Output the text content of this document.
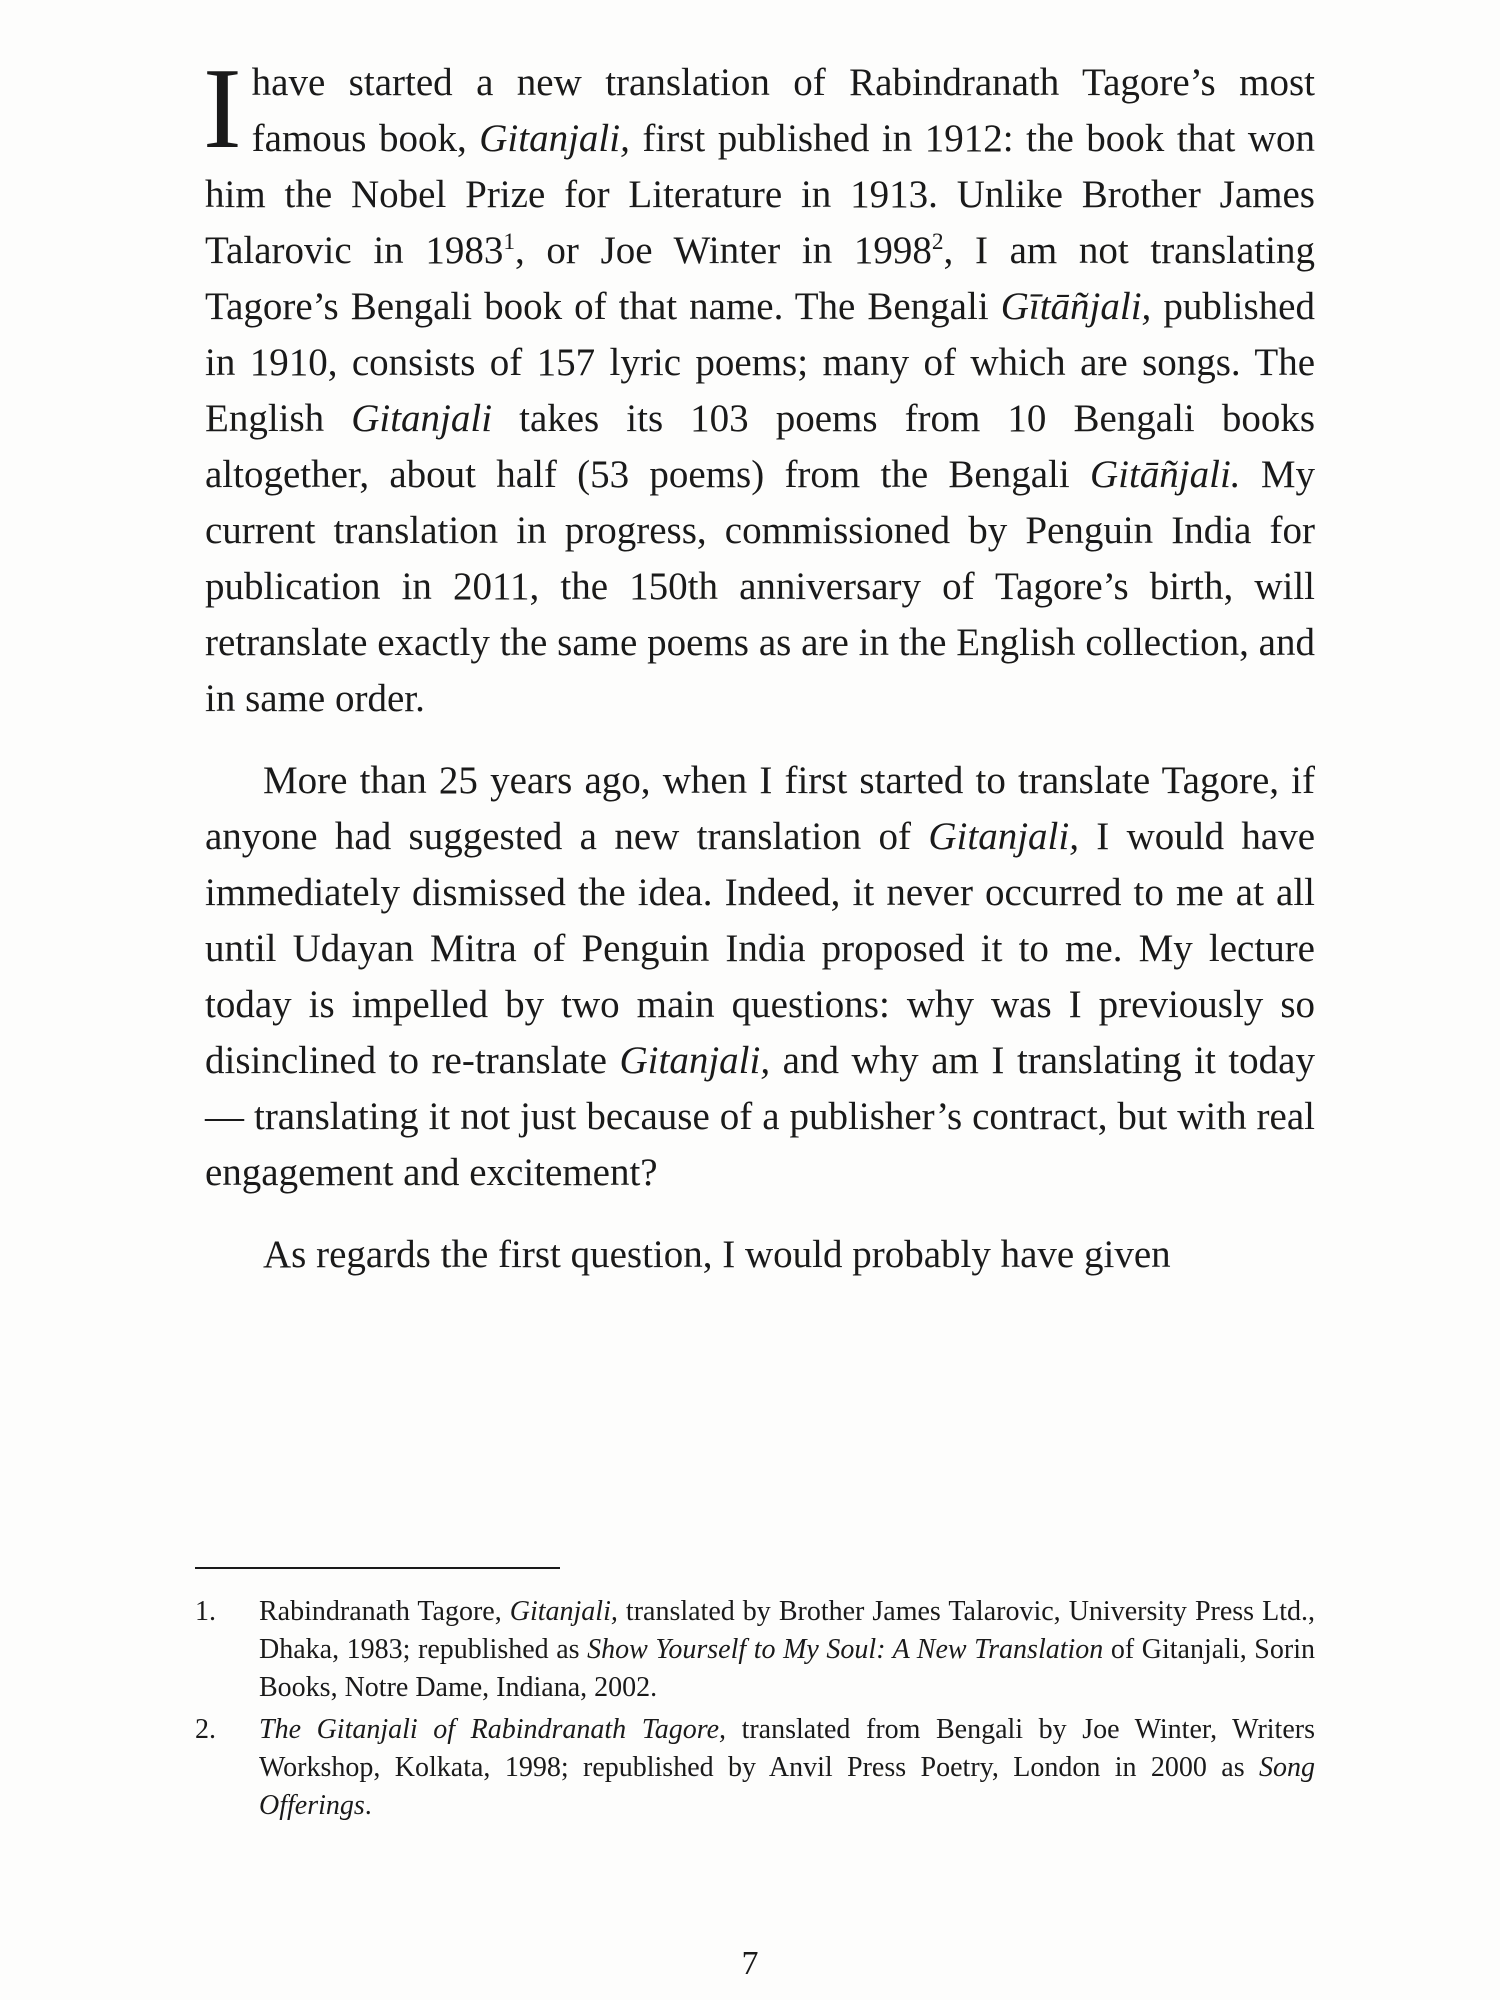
I have started a new translation of Rabindranath Tagore’s most famous book, Gitanjali, first published in 1912: the book that won him the Nobel Prize for Literature in 1913. Unlike Brother James Talarovic in 1983$^1$, or Joe Winter in 1998$^2$, I am not translating Tagore’s Bengali book of that name. The Bengali Gītāñjali, published in 1910, consists of 157 lyric poems; many of which are songs. The English Gitanjali takes its 103 poems from 10 Bengali books altogether, about half (53 poems) from the Bengali Gitāñjali. My current translation in progress, commissioned by Penguin India for publication in 2011, the 150th anniversary of Tagore’s birth, will retranslate exactly the same poems as are in the English collection, and in same order.

More than 25 years ago, when I first started to translate Tagore, if anyone had suggested a new translation of Gitanjali, I would have immediately dismissed the idea. Indeed, it never occurred to me at all until Udayan Mitra of Penguin India proposed it to me. My lecture today is impelled by two main questions: why was I previously so disinclined to re-translate Gitanjali, and why am I translating it today — translating it not just because of a publisher’s contract, but with real engagement and excitement?

As regards the first question, I would probably have given

1. Rabindranath Tagore, Gitanjali, translated by Brother James Talarovic, University Press Ltd., Dhaka, 1983; republished as Show Yourself to My Soul: A New Translation of Gitanjali, Sorin Books, Notre Dame, Indiana, 2002.
2. The Gitanjali of Rabindranath Tagore, translated from Bengali by Joe Winter, Writers Workshop, Kolkata, 1998; republished by Anvil Press Poetry, London in 2000 as Song Offerings.
7
